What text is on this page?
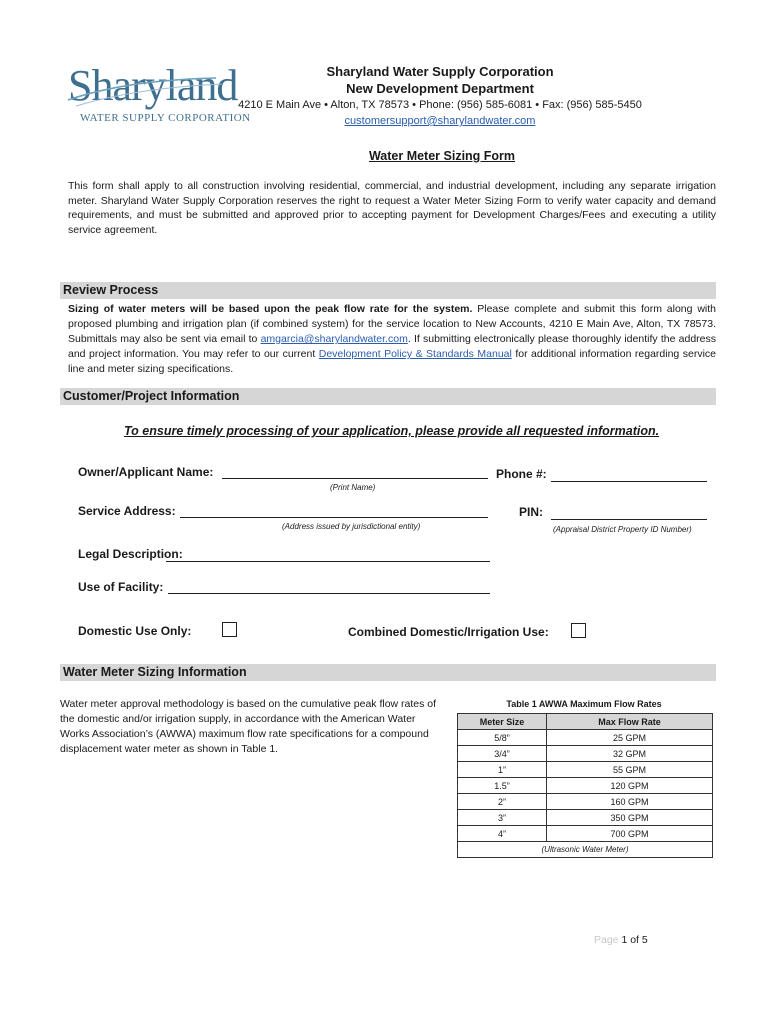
Sharyland
WATER SUPPLY CORPORATION
Sharyland Water Supply Corporation
New Development Department
4210 E Main Ave • Alton, TX 78573 • Phone: (956) 585-6081 • Fax: (956) 585-5450
customersupport@sharylandwater.com
Water Meter Sizing Form
This form shall apply to all construction involving residential, commercial, and industrial development, including any separate irrigation meter. Sharyland Water Supply Corporation reserves the right to request a Water Meter Sizing Form to verify water capacity and demand requirements, and must be submitted and approved prior to accepting payment for Development Charges/Fees and executing a utility service agreement.
Review Process
Sizing of water meters will be based upon the peak flow rate for the system. Please complete and submit this form along with proposed plumbing and irrigation plan (if combined system) for the service location to New Accounts, 4210 E Main Ave, Alton, TX 78573. Submittals may also be sent via email to amgarcia@sharylandwater.com. If submitting electronically please thoroughly identify the address and project information. You may refer to our current Development Policy & Standards Manual for additional information regarding service line and meter sizing specifications.
Customer/Project Information
To ensure timely processing of your application, please provide all requested information.
Owner/Applicant Name:
(Print Name)
Phone #:
Service Address:
(Address issued by jurisdictional entity)
PIN:
(Appraisal District Property ID Number)
Legal Description:
Use of Facility:
Domestic Use Only:	Combined Domestic/Irrigation Use:
Water Meter Sizing Information
Water meter approval methodology is based on the cumulative peak flow rates of the domestic and/or irrigation supply, in accordance with the American Water Works Association’s (AWWA) maximum flow rate specifications for a compound displacement water meter as shown in Table 1.
Table 1 AWWA Maximum Flow Rates
Meter Size	Max Flow Rate
5/8”	25 GPM
3/4”	32 GPM
1”	55 GPM
1.5”	120 GPM
2”	160 GPM
3”	350 GPM
4”	700 GPM
(Ultrasonic Water Meter)	
Page 1 of 5
